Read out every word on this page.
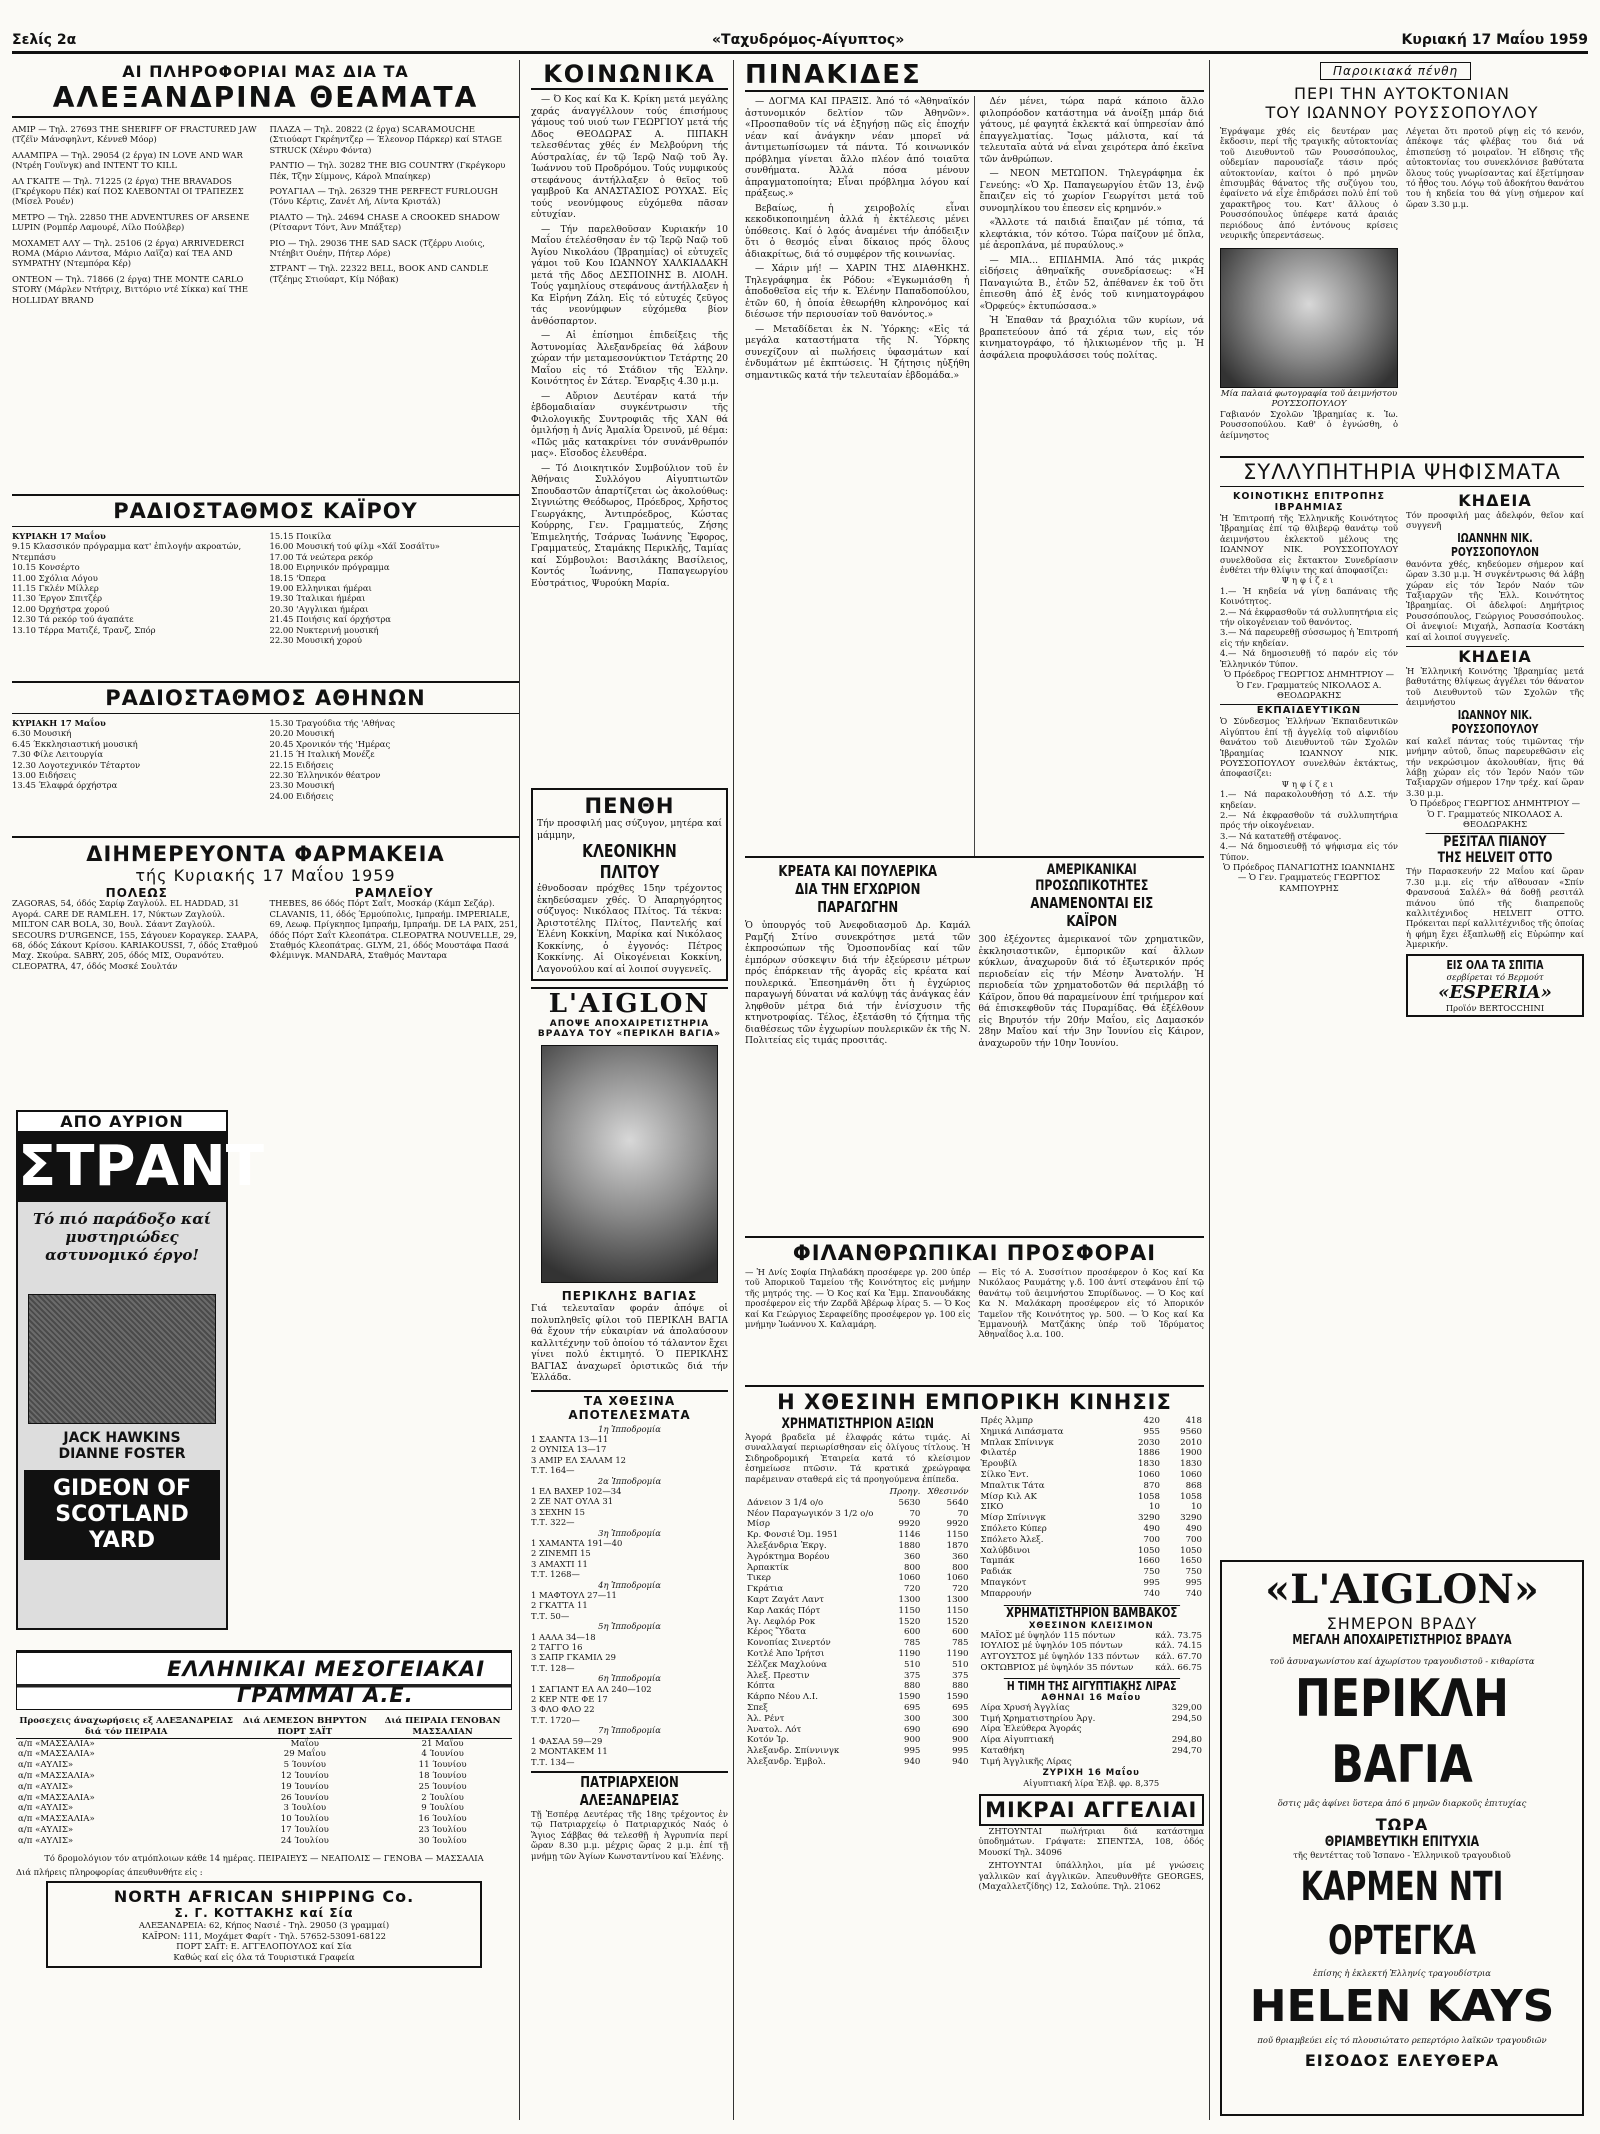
Σελίς 2α	«Ταχυδρόμος-Αίγυπτος»	Κυριακή 17 Μαΐου 1959
ΑΙ ΠΛΗΡΟΦΟΡΙΑΙ ΜΑΣ ΔΙΑ ΤΑ
ΑΛΕΞΑΝΔΡΙΝΑ ΘΕΑΜΑΤΑ
ΑΜΙΡ — Τηλ. 27693 THE SHERIFF OF FRACTURED JAW (Τζέϊν Μάνσφηλντ, Κέννεθ Μόορ)
ΑΛΑΜΠΡΑ — Τηλ. 29054 (2 έργα) IN LOVE AND WAR (Ντρέη Γουϊνγκ) and INTENT TO KILL
ΑΛ ΓΚΑΙΤΕ — Τηλ. 71225 (2 έργα) THE BRAVADOS (Γκρέγκορυ Πέκ) καί ΠΟΣ ΚΛΕΒΟΝΤΑΙ ΟΙ ΤΡΑΠΕΖΕΣ (Μίσελ Ρουέν)
ΜΕΤΡΟ — Τηλ. 22850 THE ADVENTURES OF ARSENE LUPIN (Ρομπέρ Λαμουρέ, Λίλο Πούλβερ)
ΜΟΧΑΜΕΤ ΑΛΥ — Τηλ. 25106 (2 έργα) ARRIVEDERCI ROMA (Μάριο Λάντσα, Μάριο Λαϊζα) καί TEA AND SYMPATHY (Ντεμπόρα Κέρ)
ΟΝΤΕΟΝ — Τηλ. 71866 (2 έργα) THE MONTE CARLO STORY (Μάρλεν Ντήτριχ, Βιττόριο ντέ Σίκκα) καί THE HOLLIDAY BRAND
ΠΛΑΖΑ — Τηλ. 20822 (2 έργα) SCARAMOUCHE (Στιούαρτ Γκρέηντζερ — Έλεονορ Πάρκερ) καί STAGE STRUCK (Χένρυ Φόντα)
ΡΑΝΤΙΟ — Τηλ. 30282 THE BIG COUNTRY (Γκρέγκορυ Πέκ, Τζην Σίμμονς, Κάρολ Μπαίηκερ)
ΡΟΥΑΓΙΑΛ — Τηλ. 26329 THE PERFECT FURLOUGH (Τόνυ Κέρτις, Ζανέτ Λή, Λίντα Κριστάλ)
ΡΙΑΛΤΟ — Τηλ. 24694 CHASE A CROOKED SHADOW (Ρίτσαρντ Τόντ, Άνν Μπάξτερ)
ΡΙΟ — Τηλ. 29036 THE SAD SACK (Τζέρρυ Λιούις, Ντέηβιτ Ουέην, Πήτερ Λόρε)
ΣΤΡΑΝΤ — Τηλ. 22322 BELL, BOOK AND CANDLE (Τζέημς Στιούαρτ, Κίμ Νόβακ)
ΡΑΔΙΟΣΤΑΘΜΟΣ ΚΑΪΡΟΥ
ΚΥΡΙΑΚΗ 17 Μαΐου
9.15 Κλασσικόν πρόγραμμα κατ' ἐπιλογήν ακροατών, Ντεμπάσυ
10.15 Κονσέρτο
11.00 Σχόλια Λόγου
11.15 Γκλέν Μίλλερ
11.30 Έργον Σπιτζέρ
12.00 Όρχήστρα χορού
12.30 Τά ρεκόρ τού άγαπάτε
13.10 Τέρρα Ματιζέ, Τρανζ, Σπόρ
15.15 Ποικίλα
16.00 Μουσική τού φίλμ «Χάϊ Σοσάϊτυ»
17.00 Τά νεώτερα ρεκόρ
18.00 Ειρηνικόν πρόγραμμα
18.15 'Όπερα
19.00 Ελληνικαι ήμέραι
19.30 Ίταλικαι ήμέραι
20.30 'Αγγλικαι ήμέραι
21.45 Ποιήσις καί όρχήστρα
22.00 Νυκτερινή μουσική
22.30 Μουσική χορού
ΡΑΔΙΟΣΤΑΘΜΟΣ ΑΘΗΝΩΝ
ΚΥΡΙΑΚΗ 17 Μαΐου
6.30 Μουσική
6.45 Έκκλησιαστική μουσική
7.30 Φίλε Λειτουργία
12.30 Λογοτεχνικόν Τέταρτον
13.00 Ειδήσεις
13.45 Έλαφρά όρχήστρα
15.30 Τραγούδια τής 'Αθήνας
20.20 Μουσική
20.45 Χρονικόν τής 'Ημέρας
21.15 Ή Ιταλική Μονέζε
22.15 Ειδήσεις
22.30 Έλληνικόν θέατρον
23.30 Μουσική
24.00 Ειδήσεις
ΔΙΗΜΕΡΕΥΟΝΤΑ ΦΑΡΜΑΚΕΙΑ
τής Κυριακής 17 Μαΐου 1959
ΠΟΛΕΩΣ
ZAGORAS, 54, όδός Σαρίφ Ζαγλούλ. EL HADDAD, 31 Αγορά. CARE DE RAMLEH. 17, Νύκτων Ζαγλούλ. MILTON CAR BOLA, 30, Βουλ. Σάαντ Ζαγλούλ. SECOURS D'URGENCE, 155, Σάγουεν Κοραγκερ. ΣΑΑΡΑ, 68, όδός Σάκουτ Κρίσου. KARIAKOUSSI, 7, όδός Σταθμού Μαχ. Σκούρα. SABRY, 205, όδός ΜΙΣ, Ουρανότευ. CLEOPATRA, 47, όδός Μοσκέ Σουλτάν
ΡΑΜΛΕΪΟΥ
THEBES, 86 όδός Πόρτ Σαΐτ, Μοσκάρ (Κάμπ Σεζάρ). CLAVANIS, 11, όδός Έρμούπολις, Ιμπραήμ. IMPERIALE, 69, Λεωφ. Πρίγκηπος Ιμπραήμ, Ιμπραήμ. DE LA PAIX, 251, όδός Πόρτ Σαΐτ Κλεοπάτρα. CLEOPATRA NOUVELLE, 29, Σταθμός Κλεοπάτρας. GLYM, 21, όδός Μουστάφα Πασά Φλέμινγκ. MANDARA, Σταθμός Μανταρα
ΑΠΟ ΑΥΡΙΟΝ
ΣΤΡΑΝΤ
Τό πιό παράδοξο καί μυστηριώδες αστυνομικό έργο!
JACK HAWKINS
DIANNE FOSTER
GIDEON OF SCOTLAND YARD
ΕΛΛΗΝΙΚΑΙ ΜΕΣΟΓΕΙΑΚΑΙ
ΓΡΑΜΜΑΙ Α.Ε.
Προσεχεις άναχωρήσεις εξ ΑΛΕΞΑΝΔΡΕΙΑΣ διά τόν ΠΕΙΡΑΙΑ	Διά ΛΕΜΕΣΟΝ ΒΗΡΥΤΟΝ ΠΟΡΤ ΣΑΪΤ	Διά ΠΕΙΡΑΙΑ ΓΕΝΟΒΑΝ ΜΑΣΣΑΛΙΑΝ
α/π «ΜΑΣΣΑΛΙΑ»	Μαΐου	21 Μαΐου
α/π «ΜΑΣΣΑΛΙΑ»	29 Μαΐου	4 Ίουνίου
α/π «ΑΥΛΙΣ»	5 Ίουνίου	11 Ίουνίου
α/π «ΜΑΣΣΑΛΙΑ»	12 Ίουνίου	18 Ίουνίου
α/π «ΑΥΛΙΣ»	19 Ίουνίου	25 Ίουνίου
α/π «ΜΑΣΣΑΛΙΑ»	26 Ίουνίου	2 Ίουλίου
α/π «ΑΥΛΙΣ»	3 Ίουλίου	9 Ίουλίου
α/π «ΜΑΣΣΑΛΙΑ»	10 Ίουλίου	16 Ίουλίου
α/π «ΑΥΛΙΣ»	17 Ίουλίου	23 Ίουλίου
α/π «ΑΥΛΙΣ»	24 Ίουλίου	30 Ίουλίου
Τό δρομολόγιον τόν ατμόπλοιων κάθε 14 ημέρας. ΠΕΙΡΑΙΕΥΣ — ΝΕΑΠΟΛΙΣ — ΓΕΝΟΒΑ — ΜΑΣΣΑΛΙΑ
Διά πλήρεις πληροφορίας άπευθυνθήτε εἰς :
NORTH AFRICAN SHIPPING Co.
Σ. Γ. ΚΟΤΤΑΚΗΣ καί Σία
ΑΛΕΞΑΝΔΡΕΙΑ: 62, Κήπος Νασιέ - Τηλ. 29050 (3 γραμμαί)
ΚΑΪΡΟΝ: 111, Μοχάμετ Φαρίτ - Τηλ. 57652-53091-68122
ΠΟΡΤ ΣΑΪΤ: Ε. ΑΓΓΕΛΟΠΟΥΛΟΣ καί Σία
Καθώς καί εἰς όλα τά Τουριστικά Γραφεία
ΚΟΙΝΩΝΙΚΑ

— Ό Κος καί Κα Κ. Κρίκη μετά μεγάλης χαράς άναγγέλλουν τούς έπισήμους γάμους τού υιού των ΓΕΩΡΓΙΟΥ μετά τής Δδος ΘΕΟΔΩΡΑΣ Α. ΠΙΠΑΚΗ τελεσθέντας χθές έν Μελβούρνη τής Αύστραλίας, έν τῷ Ίερῷ Ναῷ τοῦ Άγ. Ίωάννου τοῦ Προδρόμου. Τούς νυμφικούς στεφάνους άντήλλαξεν ὁ θεῖος τοῦ γαμβροῦ Κα ΑΝΑΣΤΑΣΙΟΣ ΡΟΥΧΑΣ. Εἰς τούς νεονύμφους εὐχόμεθα πᾶσαν εὐτυχίαν.

— Τήν παρελθοῦσαν Κυριακήν 10 Μαΐου έτελέσθησαν ἐν τῷ Ἱερῷ Ναῷ τοῦ Ἁγίου Νικολάου (Ἰβραημίας) οἱ εὐτυχεῖς γάμοι τοῦ Κου ΙΩΑΝΝΟΥ ΧΑΛΚΙΑΔΑΚΗ μετά τῆς Δδος ΔΕΣΠΟΙΝΗΣ Β. ΛΙΟΛΗ. Τούς γαμηλίους στεφάνους άντήλλαξεν ἡ Κα Εἰρήνη Ζάλη. Εἰς τό εὐτυχές ζεῦγος τάς νεονύμφων εὐχόμεθα βίον ἀνθόσπαρτον.

— Αἱ ἐπίσημοι ἐπιδείξεις τῆς Ἀστυνομίας Ἀλεξανδρείας θά λάβουν χώραν τήν μεταμεσονύκτιον Τετάρτης 20 Μαΐου εἰς τό Στάδιον τῆς Ἑλλην. Κοινότητος ἐν Σάτερ. Ἔναρξις 4.30 μ.μ.

— Αὔριον Δευτέραν κατά τήν ἑβδομαδιαίαν συγκέντρωσιν τῆς Φιλολογικῆς Συντροφιᾶς τῆς ΧΑΝ θά ὁμιλήσῃ ἡ Δνίς Ἀμαλία Ὀρεινοῦ, μέ θέμα: «Πῶς μᾶς κατακρίνει τόν συνάνθρωπόν μας». Εἴσοδος ἐλευθέρα.

— Τό Διοικητικόν Συμβούλιον τοῦ ἐν Ἀθήναις Συλλόγου Αἰγυπτιωτῶν Σπουδαστῶν ἀπαρτίζεται ὡς ἀκολούθως: Σιγνιώτης Θεόδωρος, Πρόεδρος, Χρῆστος Γεωργάκης, Ἀντιπρόεδρος, Κώστας Κούρρης, Γεν. Γραμματεύς, Ζήσης Ἐπιμελητής, Τσάρνας Ἰωάννης Ἔφορος, Γραμματεύς, Σταμάκης Περικλῆς, Ταμίας καί Σύμβουλοι: Βασιλάκης Βασίλειος, Κοντός Ἰωάννης, Παπαγεωργίου Εὐστράτιος, Ψυρούκη Μαρία.

ΠΕΝΘΗ
Τήν προσφιλή μας σύζυγον, μητέρα καί μάμμην,
ΚΛΕΟΝΙΚΗΝ ΠΛΙΤΟΥ
ἐθνοδοσαν πρόχθες 15ην τρέχοντος ἐκηδεύσαμεν χθές. Ὁ Ἀπαρηγόρητος σύζυγος: Νικόλαος Πλίτος. Τά τέκνα: Ἀριστοτέλης Πλίτος, Παντελής καί Ἑλένη Κοκκίνη, Μαρίκα καί Νικόλαος Κοκκίνης, ὁ ἐγγονός: Πέτρος Κοκκίνης. Αἱ Οἰκογένειαι Κοκκίνη, Λαγονούλου καί αἱ λοιποί συγγενεῖς.
L'AIGLON
ΑΠΟΨΕ ΑΠΟΧΑΙΡΕΤΙΣΤΗΡΙΑ ΒΡΑΔΥΑ ΤΟΥ «ΠΕΡΙΚΛΗ ΒΑΓΙΑ»
ΠΕΡΙΚΛΗΣ ΒΑΓΙΑΣ
Γιά τελευταῖαν φοράν ἀπόψε οἱ πολυπληθεῖς φίλοι τοῦ ΠΕΡΙΚΛΗ ΒΑΓΙΑ θά ἔχουν τήν εὐκαιρίαν νά ἀπολαύσουν καλλιτέχνην τοῦ ὁποίου τό τάλαντον ἔχει γίνει πολύ ἐκτιμητό. Ὁ ΠΕΡΙΚΛΗΣ ΒΑΓΙΑΣ ἀναχωρεῖ ὁριστικῶς διά τήν Ἑλλάδα.
ΤΑ ΧΘΕΣΙΝΑ ΑΠΟΤΕΛΕΣΜΑΤΑ
1η Ἱπποδρομία
1 ΣΑΑΝΤΑ 13—11
2 ΟΥΝΙΣΑ 13—17
3 ΑΜΙΡ ΕΛ ΣΑΛΑΜ 12
Τ.Τ. 164—
2α Ἱπποδρομία
1 ΕΛ ΒΑΧΕΡ 102—34
2 ΖΕ ΝΑΤ ΟΥΛΑ 31
3 ΣΕΧΗΝ 15
Τ.Τ. 322—
3η Ἱπποδρομία
1 ΧΑΜΑΝΤΑ 191—40
2 ΖΙΝΕΜΠ 15
3 ΑΜΑΧΤΙ 11
Τ.Τ. 1268—
4η Ἱπποδρομία
1 ΜΑΦΤΟΥΛ 27—11
2 ΓΚΑΤΤΑ 11
Τ.Τ. 50—
5η Ἱπποδρομία
1 ΑΑΛΑ 34—18
2 ΤΑΓΓΟ 16
3 ΣΑΠΡ ΓΚΑΜΙΛ 29
Τ.Τ. 128—
6η Ἱπποδρομία
1 ΣΑΓΙΑΝΤ ΕΛ ΑΛ 240—102
2 ΚΕΡ ΝΤΕ ΦΕ 17
3 ΦΛΟ ΦΛΟ 22
Τ.Τ. 1720—
7η Ἱπποδρομία
1 ΦΑΣΑΑ 59—29
2 ΜΟΝΤΑΚΕΜ 11
Τ.Τ. 134—
ΠΑΤΡΙΑΡΧΕΙΟΝ ΑΛΕΞΑΝΔΡΕΙΑΣ
Τῇ Ἑσπέρᾳ Δευτέρας τῆς 18ης τρέχοντος ἐν τῷ Πατριαρχείῳ ὁ Πατριαρχικός Ναός ὁ Ἅγιος Σάββας θά τελεσθῇ ἡ Ἀγρυπνία περί ὥραν 8.30 μ.μ. μέχρις ὥρας 2 μ.μ. ἐπί τῇ μνήμῃ τῶν Ἁγίων Κωνσταντίνου καί Ἑλένης.
ΠΙΝΑΚΙΔΕΣ

— ΔΟΓΜΑ ΚΑΙ ΠΡΑΞΙΣ. Ἀπό τό «Ἀθηναϊκόν ἀστυνομικόν δελτίον τῶν Ἀθηνῶν». «Προσπαθοῦν τίς νά ἐξηγήσῃ πῶς εἰς ἐποχήν νέαν καί ἀνάγκην νέαν μπορεῖ νά ἀντιμετωπίσωμεν τά πάντα. Τό κοινωνικόν πρόβλημα γίνεται ἄλλο πλέον ἀπό τοιαῦτα συνθήματα. Ἀλλά πόσα μένουν ἀπραγματοποίητα; Εἶναι πρόβλημα λόγου καί πράξεως.»

Βεβαίως, ἡ χειροβολίς εἶναι κεκοδικοποιημένη ἀλλά ἡ ἐκτέλεσις μένει ὑπόθεσις. Καί ὁ λαός ἀναμένει τήν ἀπόδειξιν ὅτι ὁ θεσμός εἶναι δίκαιος πρός ὅλους ἀδιακρίτως, διά τό συμφέρον τῆς κοινωνίας.

— Χάριν μή! — ΧΑΡΙΝ ΤΗΣ ΔΙΑΘΗΚΗΣ. Τηλεγράφημα ἐκ Ρόδου: «Ἐγκωμιάσθη ἡ ἀποδοθεῖσα εἰς τήν κ. Ἑλένην Παπαδοπούλου, ἐτῶν 60, ἡ ὁποία ἐθεωρήθη κληρονόμος καί διέσωσε τήν περιουσίαν τοῦ θανόντος.»

— Μεταδίδεται ἐκ Ν. Ὑόρκης: «Εἰς τά μεγάλα καταστήματα τῆς Ν. Ὑόρκης συνεχίζουν αἱ πωλήσεις ὑφασμάτων καί ἐνδυμάτων μέ ἐκπτώσεις. Ἡ ζήτησις ηὐξήθη σημαντικῶς κατά τήν τελευταίαν ἑβδομάδα.»

Δέν μένει, τώρα παρά κάποιο ἄλλο φιλοπρόοδον κατάστημα νά ἀνοίξῃ μπάρ διά γάτους, μέ φαγητά ἐκλεκτά καί ὑπηρεσίαν ἀπό ἐπαγγελματίας. Ἴσως μάλιστα, καί τά τελευταῖα αὐτά νά εἶναι χειρότερα ἀπό ἐκεῖνα τῶν ἀνθρώπων.

— ΝΕΟΝ ΜΕΤΩΠΟΝ. Τηλεγράφημα ἐκ Γενεύης: «Ὁ Χρ. Παπαγεωργίου ἐτῶν 13, ἐνῷ ἔπαιζεν εἰς τό χωρίον Γεωργίτσι μετά τοῦ συνομηλίκου του ἐπεσεν εἰς κρημνόν.»

«Ἄλλοτε τά παιδιά ἔπαιζαν μέ τόπια, τά κλεφτάκια, τόν κότσο. Τώρα παίζουν μέ ὅπλα, μέ ἀεροπλάνα, μέ πυραύλους.»

— ΜΙΑ... ΕΠΙΔΗΜΙΑ. Ἀπό τάς μικράς εἰδήσεις ἀθηναϊκῆς συνεδρίασεως: «Ἡ Παναγιώτα Β., ἐτῶν 52, ἀπέθανεν ἐκ τοῦ ὅτι ἐπιεσθη ἀπό ἐξ ἐνός τοῦ κινηματογράφου «Ὀρφεύς» ἐκτυπώσασα.»

Ἡ Ἐπαθαν τά βραχιόλια τῶν κυρίων, νά βραπετεύουν ἀπό τά χέρια των, εἰς τόν κινηματογράφο, τό ἡλικιωμένον τῆς μ. Ἡ ἀσφάλεια προφυλάσσει τούς πολίτας.

ΚΡΕΑΤΑ ΚΑΙ ΠΟΥΛΕΡΙΚΑ
ΔΙΑ ΤΗΝ ΕΓΧΩΡΙΟΝ ΠΑΡΑΓΩΓΗΝ
Ὁ ὑπουργός τοῦ Ἀνεφοδιασμοῦ Δρ. Καμάλ Ραμζή Στίνο συνεκρότησε μετά τῶν ἐκπροσώπων τῆς Ὁμοσπονδίας καί τῶν ἐμπόρων σύσκεψιν διά τήν ἐξεύρεσιν μέτρων πρός ἐπάρκειαν τῆς ἀγορᾶς εἰς κρέατα καί πουλερικά. Ἐπεσημάνθη ὅτι ἡ ἐγχώριος παραγωγή δύναται νά καλύψῃ τάς ἀνάγκας ἐάν ληφθοῦν μέτρα διά τήν ἐνίσχυσιν τῆς κτηνοτροφίας. Τέλος, ἐξετάσθη τό ζήτημα τῆς διαθέσεως τῶν ἐγχωρίων πουλερικῶν ἐκ τῆς Ν. Πολιτείας εἰς τιμάς προσιτάς.
ΑΜΕΡΙΚΑΝΙΚΑΙ ΠΡΟΣΩΠΙΚΟΤΗΤΕΣ
ΑΝΑΜΕΝΟΝΤΑΙ ΕΙΣ ΚΑΪΡΟΝ
300 ἐξέχοντες ἀμερικανοί τῶν χρηματικῶν, ἐκκλησιαστικῶν, ἐμπορικῶν καί ἄλλων κύκλων, ἀναχωροῦν διά τό ἐξωτερικόν πρός περιοδείαν εἰς τήν Μέσην Ἀνατολήν. Ἡ περιοδεία τῶν χρηματοδοτῶν θά περιλάβῃ τό Κάϊρον, ὅπου θά παραμείνουν ἐπί τριήμερον καί θά ἐπισκεφθοῦν τάς Πυραμίδας. Θά ἐξέλθουν εἰς Βηρυτόν τήν 20ήν Μαΐου, εἰς Δαμασκόν 28ην Μαΐου καί τήν 3ην Ἰουνίου εἰς Κάιρον, ἀναχωροῦν τήν 10ην Ἰουνίου.
ΦΙΛΑΝΘΡΩΠΙΚΑΙ ΠΡΟΣΦΟΡΑΙ
— Ἡ Δνίς Σοφία Πηλαδάκη προσέφερε γρ. 200 ὑπέρ τοῦ Ἀπορικοῦ Ταμείου τῆς Κοινότητος εἰς μνήμην τῆς μητρός της. — Ὁ Κος καί Κα Ἐμμ. Σπανουδάκης προσέφερον εἰς τήν Ζαρδᾶ Ἀβέρωφ λίρας 5. — Ὁ Κος καί Κα Γεώργιος Σεραφείδης προσέφερον γρ. 100 εἰς μνήμην Ἰωάννου Χ. Καλαμάρη.
— Εἰς τό Α. Συσσίτιον προσέφερον ὁ Κος καί Κα Νικόλαος Ραυμάτης γ.δ. 100 ἀντί στεφάνου ἐπί τῷ θανάτῳ τοῦ ἀειμνήστου Σπυρίδωνος. — Ὁ Κος καί Κα Ν. Μαλάκαρη προσέφερον εἰς τό Ἀπορικόν Ταμεῖον τῆς Κοινότητος γρ. 500. — Ὁ Κος καί Κα Ἐμμανουήλ Ματζάκης ὑπέρ τοῦ Ἰδρύματος Ἀθηναΐδος λ.α. 100.
Η ΧΘΕΣΙΝΗ ΕΜΠΟΡΙΚΗ ΚΙΝΗΣΙΣ
ΧΡΗΜΑΤΙΣΤΗΡΙΟΝ ΑΞΙΩΝ
Ἀγορά βραδεῖα μέ ἐλαφράς κάτω τιμάς. Αἱ συναλλαγαί περιωρίσθησαν εἰς ὀλίγους τίτλους. Ἡ Σιδηροδρομική Ἑταιρεία κατά τό κλείσιμον ἐσημείωσε πτῶσιν. Τά κρατικά χρεώγραφα παρέμειναν σταθερά εἰς τά προηγούμενα ἐπίπεδα.
	Προηγ.	Χθεσινόν
Δάνειον 3 1/4 ο/ο	5630	5640
Νέον Παραγωγικόν 3 1/2 ο/ο	70	70
Μίσρ	9920	9920
Κρ. Φονσιέ Ὁμ. 1951	1146	1150
Ἀλεξάνδρια Ἐκργ.	1880	1870
Ἀγρόκτημα Βορέου	360	360
Ἀρπακτίκ	800	800
Τικερ	1060	1060
Γκράτια	720	720
Καρτ Ζαγάτ Λαντ	1300	1300
Καρ Λακάς Πόρτ	1150	1150
Ἀγ. Λεφλόρ Ροκ	1520	1520
Κέρος Ὕδατα	600	600
Κονοπίας Σινερτόν	785	785
Κοτλέ Ἀπο Ἰρήτσι	1190	1190
Σέλζεκ Μαχλούνα	510	510
Ἀλεξ. Πρεστιν	375	375
Κόπτα	880	880
Κάρπο Νέου Λ.Ι.	1590	1590
Σπεξ	695	695
Ἀλ. Ρέντ	300	300
Ἀνατολ. Λότ	690	690
Κοτόν Ἰρ.	900	900
Ἀλεξανδρ. Σπίννινγκ	995	995
Ἀλεξανδρ. Ἐμβολ.	940	940
Πρές Ἀλμπρ	420	418
Χημικά Λιπάσματα	955	9560
Μπλακ Σπίνινγκ	2030	2010
Φιλατέρ	1886	1900
Ἐρουβίλ	1830	1830
Σίλκο Ἐντ.	1060	1060
Μπαλτικ Τάτα	870	868
Μίσρ Κιλ ΑΚ	1058	1058
ΣΙΚΟ	10	10
Μίσρ Σπίνινγκ	3290	3290
Σπόλετο Κύπερ	490	490
Σπόλετο Ἀλεξ.	700	700
Χαλύβδινοι	1050	1050
Ταμπάκ	1660	1650
Ραδιάκ	750	750
Μπαγκόντ	995	995
Μπαρρουήν	740	740
ΧΡΗΜΑΤΙΣΤΗΡΙΟΝ ΒΑΜΒΑΚΟΣ
ΧΘΕΣΙΝΟΝ ΚΛΕΙΣΙΜΟΝ
ΜΑΪΟΣ μέ ὑψηλόν 115 πόντων	κάλ. 73.75
ΙΟΥΛΙΟΣ μέ ὑψηλόν 105 πόντων	κάλ. 74.15
ΑΥΓΟΥΣΤΟΣ μέ ὑψηλόν 133 πόντων	κάλ. 67.70
ΟΚΤΩΒΡΙΟΣ μέ ὑψηλόν 35 πόντων	κάλ. 66.75
Η ΤΙΜΗ ΤΗΣ ΑΙΓΥΠΤΙΑΚΗΣ ΛΙΡΑΣ
ΑΘΗΝΑΙ 16 Μαΐου
Λίρα Χρυσή Ἀγγλίας	329,00
Τιμή Χρηματιστηρίου Ἀργ.	294,50
Λίρα Ἐλεύθερα Ἀγοράς	
Λίρα Αἰγυπτιακή	294,80
Καταθήκη	294,70
Τιμή Ἀγγλικῆς Λίρας	
ΖΥΡΙΧΗ 16 Μαΐου
Αἰγυπτιακή λίρα Ἐλβ. φρ. 8,375
ΜΙΚΡΑΙ ΑΓΓΕΛΙΑΙ

ΖΗΤΟΥΝΤΑΙ πωλήτριαι διά κατάστημα ὑποδημάτων. Γράψατε: ΣΠΕΝΤΣΑ, 108, ὁδός Μουσκί Τηλ. 34096

ΖΗΤΟΥΝΤΑΙ ὑπάλληλοι, μία μέ γνώσεις γαλλικῶν καί ἀγγλικῶν. Ἀπευθυνθῆτε GEORGES, (Μαχαλλετζίδης) 12, Σαλούπε. Τηλ. 21062

Παροικιακά πένθη
ΠΕΡΙ ΤΗΝ ΑΥΤΟΚΤΟΝΙΑΝ
ΤΟΥ ΙΩΑΝΝΟΥ ΡΟΥΣΣΟΠΟΥΛΟΥ
Ἐγράψαμε χθές εἰς δευτέραν μας ἔκδοσιν, περί τῆς τραγικῆς αὐτοκτονίας τοῦ Διευθυντοῦ τῶν Ρουσσόπουλος, οὐδεμίαν παρουσίαζε τάσιν πρός αὐτοκτονίαν, καίτοι ὁ πρό μηνῶν ἐπισυμβάς θάνατος τῆς συζύγου του, ἐφαίνετο νά εἶχε ἐπιδράσει πολύ ἐπί τοῦ χαρακτῆρος του. Κατ' ἄλλους ὁ Ρουσσόπουλος ὑπέφερε κατά ἀραιάς περιόδους ἀπό ἐντόνους κρίσεις νευρικῆς ὑπερεντάσεως.
Μία παλαιά φωτογραφία τοῦ ἀειμνήστου ΡΟΥΣΣΟΠΟΥΛΟΥ
Γαβιανόν Σχολῶν Ἰβραημίας κ. Ἰω. Ρουσσοπούλου. Καθ' ὁ ἐγνώσθη, ὁ ἀείμνηστος
Λέγεται ὅτι προτοῦ ρίψῃ εἰς τό κενόν, ἀπέκοψε τάς φλέβας του διά νά ἐπισπεύσῃ τό μοιραῖον. Ἡ εἴδησις τῆς αὐτοκτονίας του συνεκλόνισε βαθύτατα ὅλους τούς γνωρίσαντας καί ἐξετίμησαν τό ἦθος του. Λόγῳ τοῦ ἀδοκήτου θανάτου του ἡ κηδεία του θά γίνῃ σήμερον καί ὥραν 3.30 μ.μ.
ΣΥΛΛΥΠΗΤΗΡΙΑ ΨΗΦΙΣΜΑΤΑ
ΚΟΙΝΟΤΙΚΗΣ ΕΠΙΤΡΟΠΗΣ ΙΒΡΑΗΜΙΑΣ
Ἡ Ἐπιτροπή τῆς Ἑλληνικῆς Κοινότητος Ἰβραημίας ἐπί τῷ θλιβερῷ θανάτῳ τοῦ ἀειμνήστου ἐκλεκτοῦ μέλους της ΙΩΑΝΝΟΥ ΝΙΚ. ΡΟΥΣΣΟΠΟΥΛΟΥ συνελθοῦσα εἰς ἔκτακτον Συνεδρίασιν ἐνθέτει τήν θλίψιν της καί ἀποφασίζει:
Ψηφίζει
1.— Ἡ κηδεία νά γίνῃ δαπάναις τῆς Κοινότητος.
2.— Νά ἐκφρασθοῦν τά συλλυπητήρια εἰς τήν οἰκογένειαν τοῦ θανόντος.
3.— Νά παρευρεθῇ σύσσωμος ἡ Ἐπιτροπή εἰς τήν κηδείαν.
4.— Νά δημοσιευθῇ τό παρόν εἰς τόν Ἑλληνικόν Τύπον.
Ὁ Πρόεδρος ΓΕΩΡΓΙΟΣ ΔΗΜΗΤΡΙΟΥ — Ὁ Γεν. Γραμματεύς ΝΙΚΟΛΑΟΣ Α. ΘΕΟΔΩΡΑΚΗΣ
ΕΚΠΑΙΔΕΥΤΙΚΩΝ
Ὁ Σύνδεσμος Ἑλλήνων Ἐκπαιδευτικῶν Αἰγύπτου ἐπί τῇ ἀγγελίᾳ τοῦ αἰφνιδίου θανάτου τοῦ Διευθυντοῦ τῶν Σχολῶν Ἰβραημίας ΙΩΑΝΝΟΥ ΝΙΚ. ΡΟΥΣΣΟΠΟΥΛΟΥ συνελθών ἐκτάκτως, ἀποφασίζει:
Ψηφίζει
1.— Νά παρακολουθήσῃ τό Δ.Σ. τήν κηδείαν.
2.— Νά ἐκφρασθοῦν τά συλλυπητήρια πρός τήν οἰκογένειαν.
3.— Νά κατατεθῇ στέφανος.
4.— Νά δημοσιευθῇ τό ψήφισμα εἰς τόν Τύπον.
Ὁ Πρόεδρος ΠΑΝΑΓΙΩΤΗΣ ΙΩΑΝΝΙΔΗΣ — Ὁ Γεν. Γραμματεύς ΓΕΩΡΓΙΟΣ ΚΑΜΠΟΥΡΗΣ
ΚΗΔΕΙΑ
Τόν προσφιλή μας ἀδελφόν, θεῖον καί συγγενῆ
ΙΩΑΝΝΗΝ ΝΙΚ. ΡΟΥΣΣΟΠΟΥΛΟΝ
θανόντα χθές, κηδεύομεν σήμερον καί ὥραν 3.30 μ.μ. Ἡ συγκέντρωσις θά λάβῃ χώραν εἰς τόν Ἱερόν Ναόν τῶν Ταξιαρχῶν τῆς Ἑλλ. Κοινότητος Ἰβραημίας. Οἱ ἀδελφοί: Δημήτριος Ρουσσόπουλος, Γεώργιος Ρουσσόπουλος. Οἱ ἀνεψιοί: Μιχαήλ, Ἀσπασία Κοστάκη καί αἱ λοιποί συγγενεῖς.
ΚΗΔΕΙΑ
Ἡ Ἑλληνική Κοινότης Ἰβραημίας μετά βαθυτάτης θλίψεως ἀγγέλει τόν θάνατον τοῦ Διευθυντοῦ τῶν Σχολῶν τῆς ἀειμνήστου
ΙΩΑΝΝΟΥ ΝΙΚ. ΡΟΥΣΣΟΠΟΥΛΟΥ
καί καλεῖ πάντας τούς τιμῶντας τήν μνήμην αὐτοῦ, ὅπως παρευρεθῶσιν εἰς τήν νεκρώσιμον ἀκολουθίαν, ἥτις θά λάβῃ χώραν εἰς τόν Ἱερόν Ναόν τῶν Ταξιαρχῶν σήμερον 17ην τρέχ. καί ὥραν 3.30 μ.μ.
Ὁ Πρόεδρος ΓΕΩΡΓΙΟΣ ΔΗΜΗΤΡΙΟΥ — Ὁ Γ. Γραμματεύς ΝΙΚΟΛΑΟΣ Α. ΘΕΟΔΩΡΑΚΗΣ
ΡΕΣΙΤΑΛ ΠΙΑΝΟΥ
ΤΗΣ HELVEIT OTTO
Τήν Παρασκευήν 22 Μαΐου καί ὥραν 7.30 μ.μ. εἰς τήν αἴθουσαν «Σπίν Φρανσουά Σαλέλ» θά δοθῇ ρεσιτάλ πιάνου ὑπό τῆς διαπρεποῦς καλλιτέχνιδος HELVEIT OTTO. Πρόκειται περί καλλιτέχνιδος τῆς ὁποίας ἡ φήμη ἔχει ἐξαπλωθῇ εἰς Εὐρώπην καί Ἀμερικήν.
ΕΙΣ ΟΛΑ ΤΑ ΣΠΙΤΙΑ
σερβίρεται τό Βερμούτ
«ESPERIA»
Προϊόν BERTOCCHINI
«L'AIGLON»
ΣΗΜΕΡΟΝ ΒΡΑΔΥ
ΜΕΓΑΛΗ ΑΠΟΧΑΙΡΕΤΙΣΤΗΡΙΟΣ ΒΡΑΔΥΑ
τοῦ ἀσυναγωνίστου καί ἀχωρίστου τραγουδιστοῦ - κιθαρίστα
ΠΕΡΙΚΛΗ ΒΑΓΙΑ
ὅστις μᾶς ἀφίνει ὕστερα ἀπό 6 μηνῶν διαρκοῦς ἐπιτυχίας
ΤΩΡΑ
ΘΡΙΑΜΒΕΥΤΙΚΗ ΕΠΙΤΥΧΙΑ
τῆς θεντέττας τοῦ Ἱσπανο - Ἑλληνικοῦ τραγουδιοῦ
ΚΑΡΜΕΝ ΝΤΙ ΟΡΤΕΓΚΑ
ἐπίσης ἡ ἐκλεκτή Ἑλληνίς τραγουδίστρια
HELEN KAYS
ποῦ θριαμβεύει εἰς τό πλουσιώτατο ρεπερτόριο λαϊκῶν τραγουδιῶν
ΕΙΣΟΔΟΣ ΕΛΕΥΘΕΡΑ
